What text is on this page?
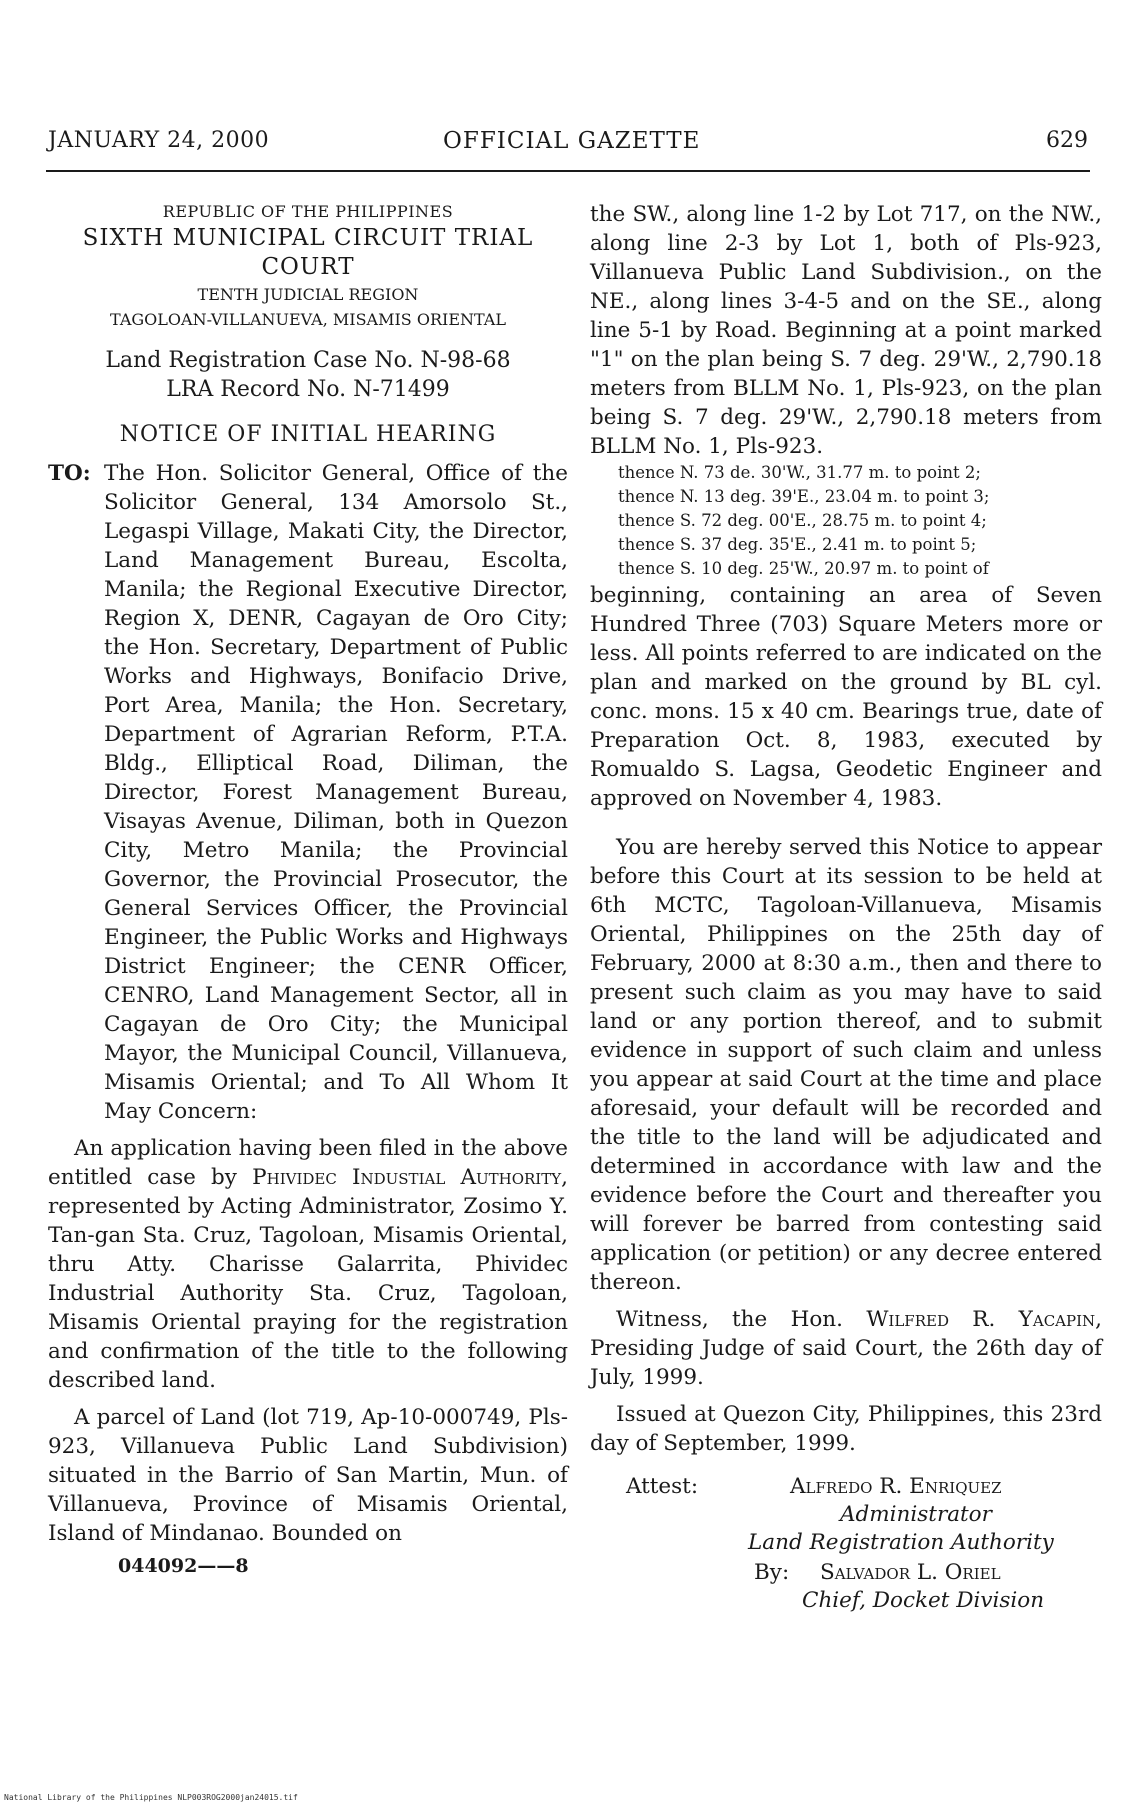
JANUARY 24, 2000	OFFICIAL GAZETTE	629
REPUBLIC OF THE PHILIPPINES
SIXTH MUNICIPAL CIRCUIT TRIAL COURT
TENTH JUDICIAL REGION
TAGOLOAN-VILLANUEVA, MISAMIS ORIENTAL
Land Registration Case No. N-98-68
LRA Record No. N-71499
NOTICE OF INITIAL HEARING
TO: The Hon. Solicitor General, Office of the Solicitor General, 134 Amorsolo St., Legaspi Village, Makati City, the Director, Land Management Bureau, Escolta, Manila; the Regional Executive Director, Region X, DENR, Cagayan de Oro City; the Hon. Secretary, Department of Public Works and Highways, Bonifacio Drive, Port Area, Manila; the Hon. Secretary, Department of Agrarian Reform, P.T.A. Bldg., Elliptical Road, Diliman, the Director, Forest Management Bureau, Visayas Avenue, Diliman, both in Quezon City, Metro Manila; the Provincial Governor, the Provincial Prosecutor, the General Services Officer, the Provincial Engineer, the Public Works and Highways District Engineer; the CENR Officer, CENRO, Land Management Sector, all in Cagayan de Oro City; the Municipal Mayor, the Municipal Council, Villanueva, Misamis Oriental; and To All Whom It May Concern:

An application having been filed in the above entitled case by Phividec Industial Authority, represented by Acting Administrator, Zosimo Y. Tan-gan Sta. Cruz, Tagoloan, Misamis Oriental, thru Atty. Charisse Galarrita, Phividec Industrial Authority Sta. Cruz, Tagoloan, Misamis Oriental praying for the registration and confirmation of the title to the following described land.

A parcel of Land (lot 719, Ap-10-000749, Pls- 923, Villanueva Public Land Subdivision) situated in the Barrio of San Martin, Mun. of Villanueva, Province of Misamis Oriental, Island of Mindanao. Bounded on

044092——8

the SW., along line 1-2 by Lot 717, on the NW., along line 2-3 by Lot 1, both of Pls-923, Villanueva Public Land Subdivision., on the NE., along lines 3-4-5 and on the SE., along line 5-1 by Road. Beginning at a point marked "1" on the plan being S. 7 deg. 29'W., 2,790.18 meters from BLLM No. 1, Pls-923, on the plan being S. 7 deg. 29'W., 2,790.18 meters from BLLM No. 1, Pls-923.

thence N. 73 de. 30'W., 31.77 m. to point 2;
thence N. 13 deg. 39'E., 23.04 m. to point 3;
thence S. 72 deg. 00'E., 28.75 m. to point 4;
thence S. 37 deg. 35'E., 2.41 m. to point 5;
thence S. 10 deg. 25'W., 20.97 m. to point of

beginning, containing an area of Seven Hundred Three (703) Square Meters more or less. All points referred to are indicated on the plan and marked on the ground by BL cyl. conc. mons. 15 x 40 cm. Bearings true, date of Preparation Oct. 8, 1983, executed by Romualdo S. Lagsa, Geodetic Engineer and approved on November 4, 1983.

You are hereby served this Notice to appear before this Court at its session to be held at 6th MCTC, Tagoloan-Villanueva, Misamis Oriental, Philippines on the 25th day of February, 2000 at 8:30 a.m., then and there to present such claim as you may have to said land or any portion thereof, and to submit evidence in support of such claim and unless you appear at said Court at the time and place aforesaid, your default will be recorded and the title to the land will be adjudicated and determined in accordance with law and the evidence before the Court and thereafter you will forever be barred from contesting said application (or petition) or any decree entered thereon.

Witness, the Hon. Wilfred R. Yacapin, Presiding Judge of said Court, the 26th day of July, 1999.

Issued at Quezon City, Philippines, this 23rd day of September, 1999.

Attest:	Alfredo R. Enriquez
Administrator
Land Registration Authority
By: Salvador L. Oriel
Chief, Docket Division
National Library of the Philippines NLP003ROG2000jan24015.tif
